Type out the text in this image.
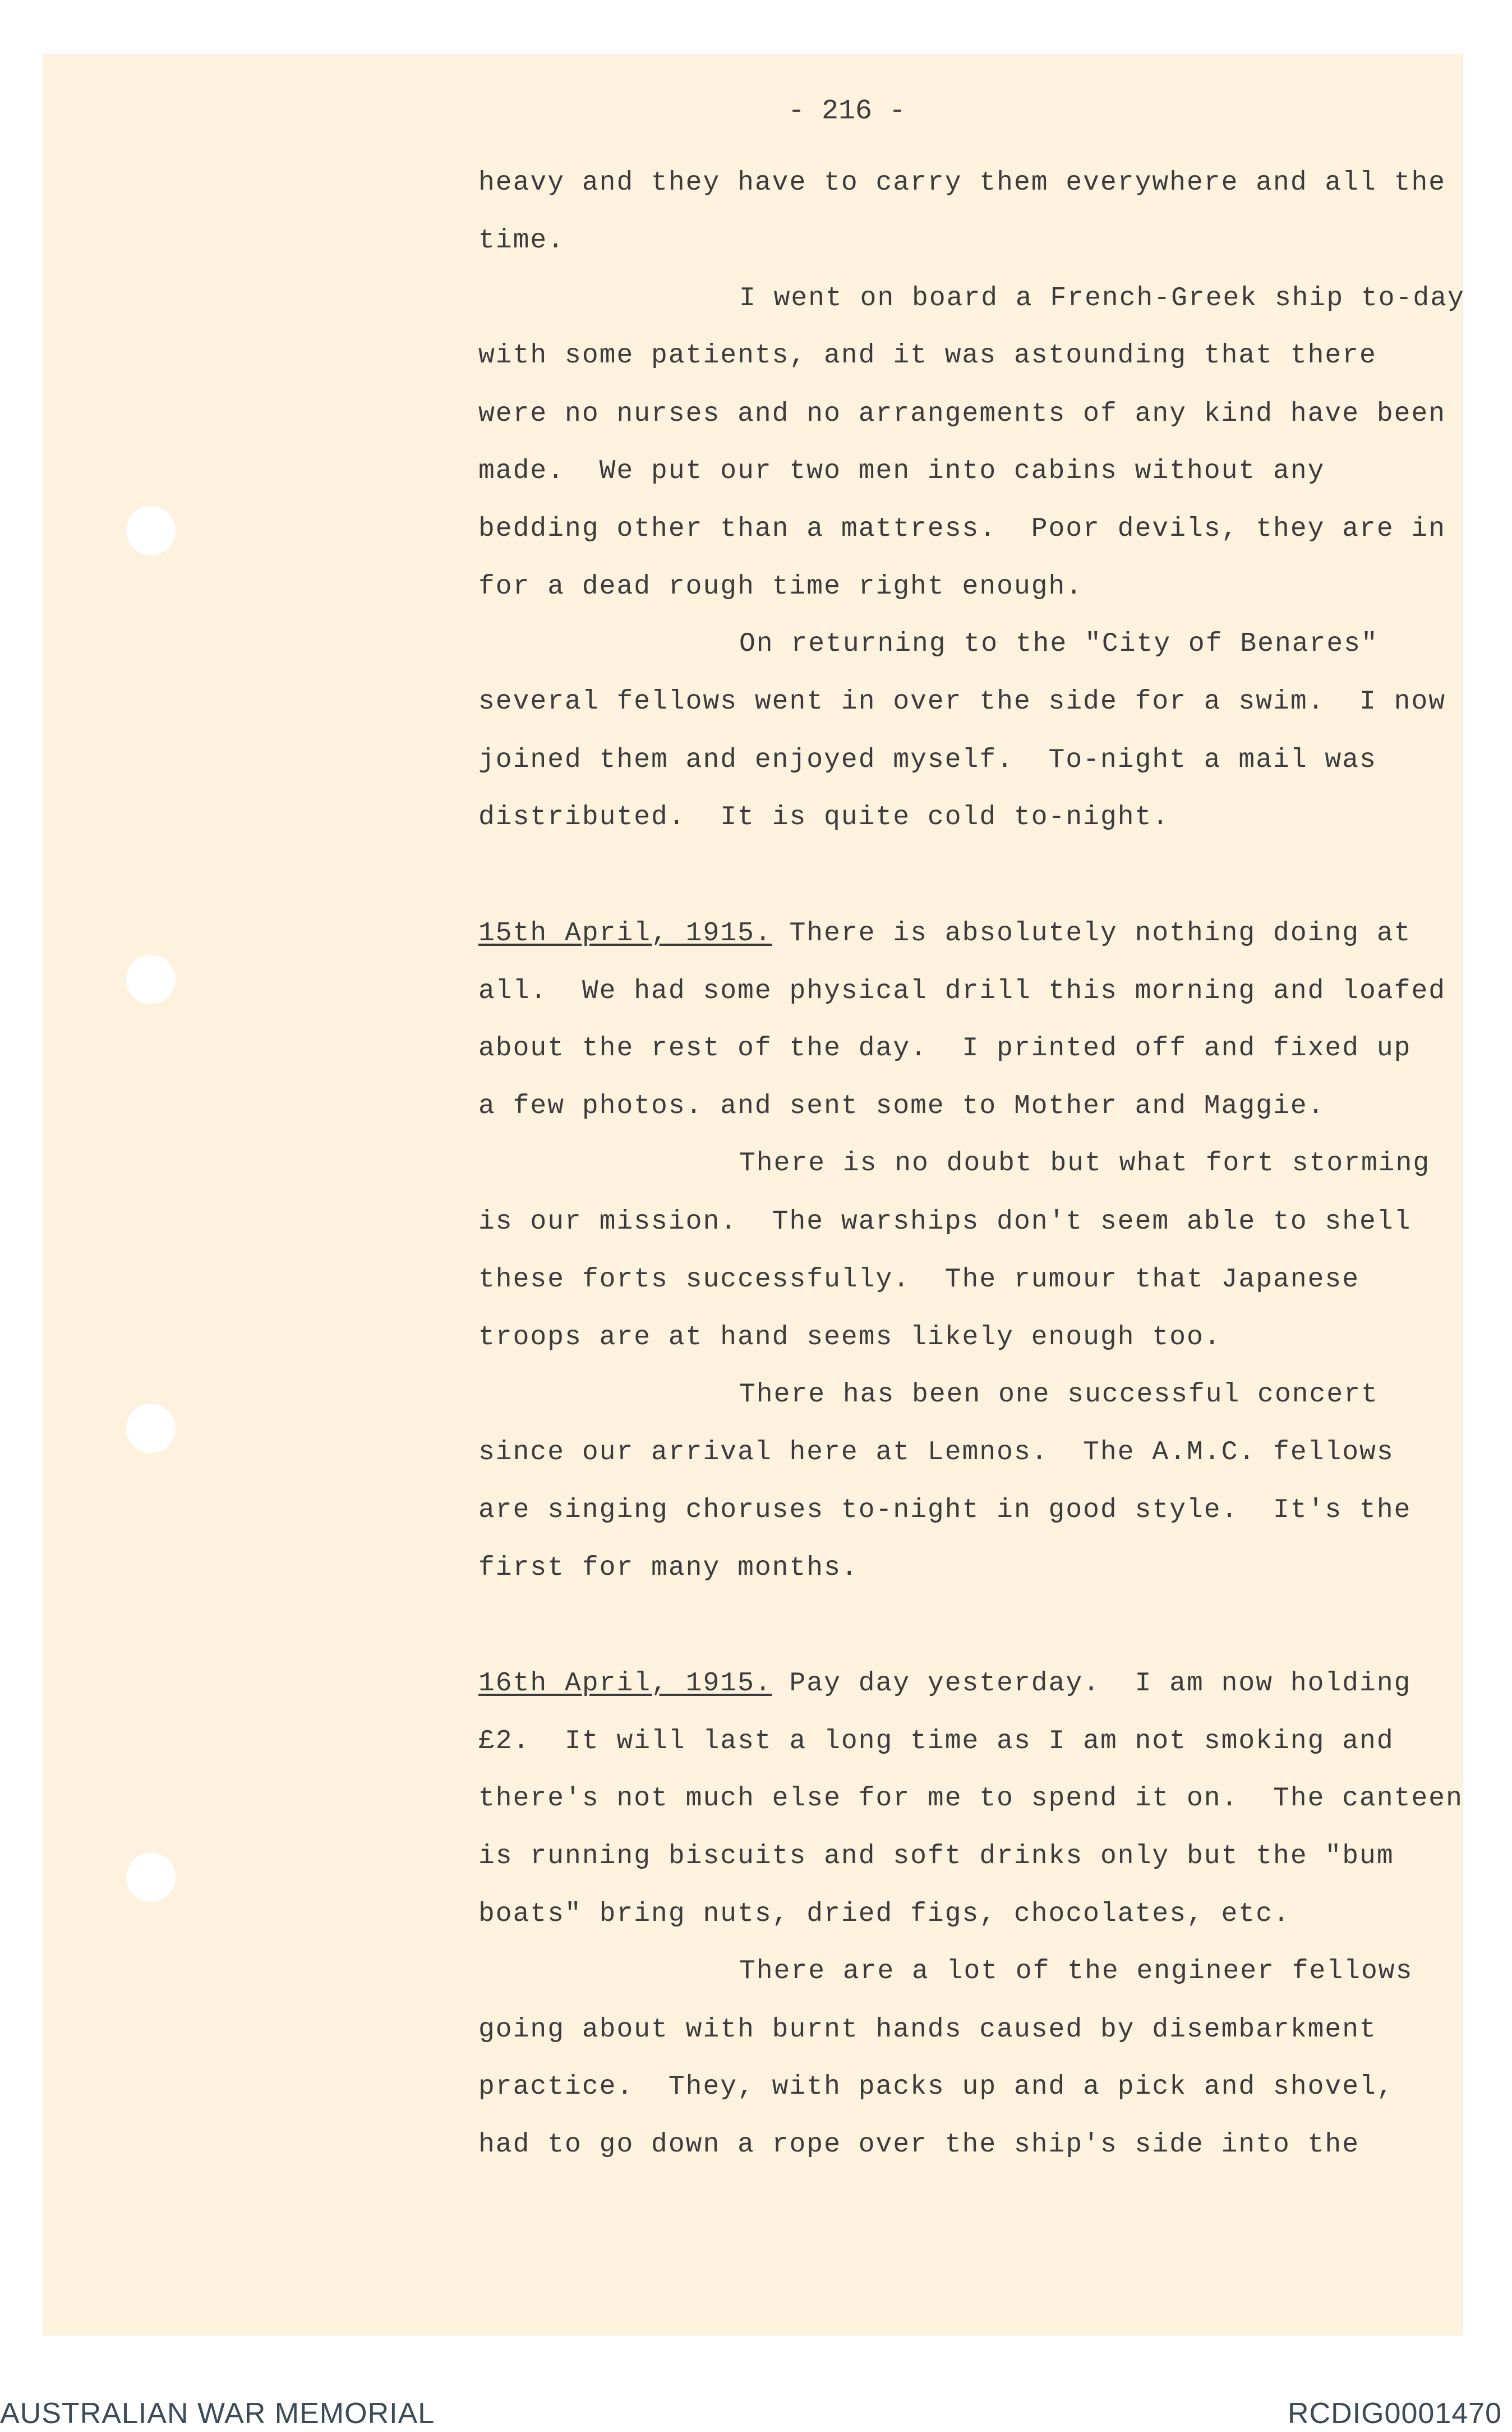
- 216 -
heavy and they have to carry them everywhere and all the
time.
I went on board a French-Greek ship to-day
with some patients, and it was astounding that there
were no nurses and no arrangements of any kind have been
made.  We put our two men into cabins without any
bedding other than a mattress.  Poor devils, they are in
for a dead rough time right enough.
On returning to the "City of Benares"
several fellows went in over the side for a swim.  I now
joined them and enjoyed myself.  To-night a mail was
distributed.  It is quite cold to-night.
15th April, 1915. There is absolutely nothing doing at
all.  We had some physical drill this morning and loafed
about the rest of the day.  I printed off and fixed up
a few photos. and sent some to Mother and Maggie.
There is no doubt but what fort storming
is our mission.  The warships don't seem able to shell
these forts successfully.  The rumour that Japanese
troops are at hand seems likely enough too.
There has been one successful concert
since our arrival here at Lemnos.  The A.M.C. fellows
are singing choruses to-night in good style.  It's the
first for many months.
16th April, 1915. Pay day yesterday.  I am now holding
£2.  It will last a long time as I am not smoking and
there's not much else for me to spend it on.  The canteen
is running biscuits and soft drinks only but the "bum
boats" bring nuts, dried figs, chocolates, etc.
There are a lot of the engineer fellows
going about with burnt hands caused by disembarkment
practice.  They, with packs up and a pick and shovel,
had to go down a rope over the ship's side into the
AUSTRALIAN WAR MEMORIAL	RCDIG0001470
